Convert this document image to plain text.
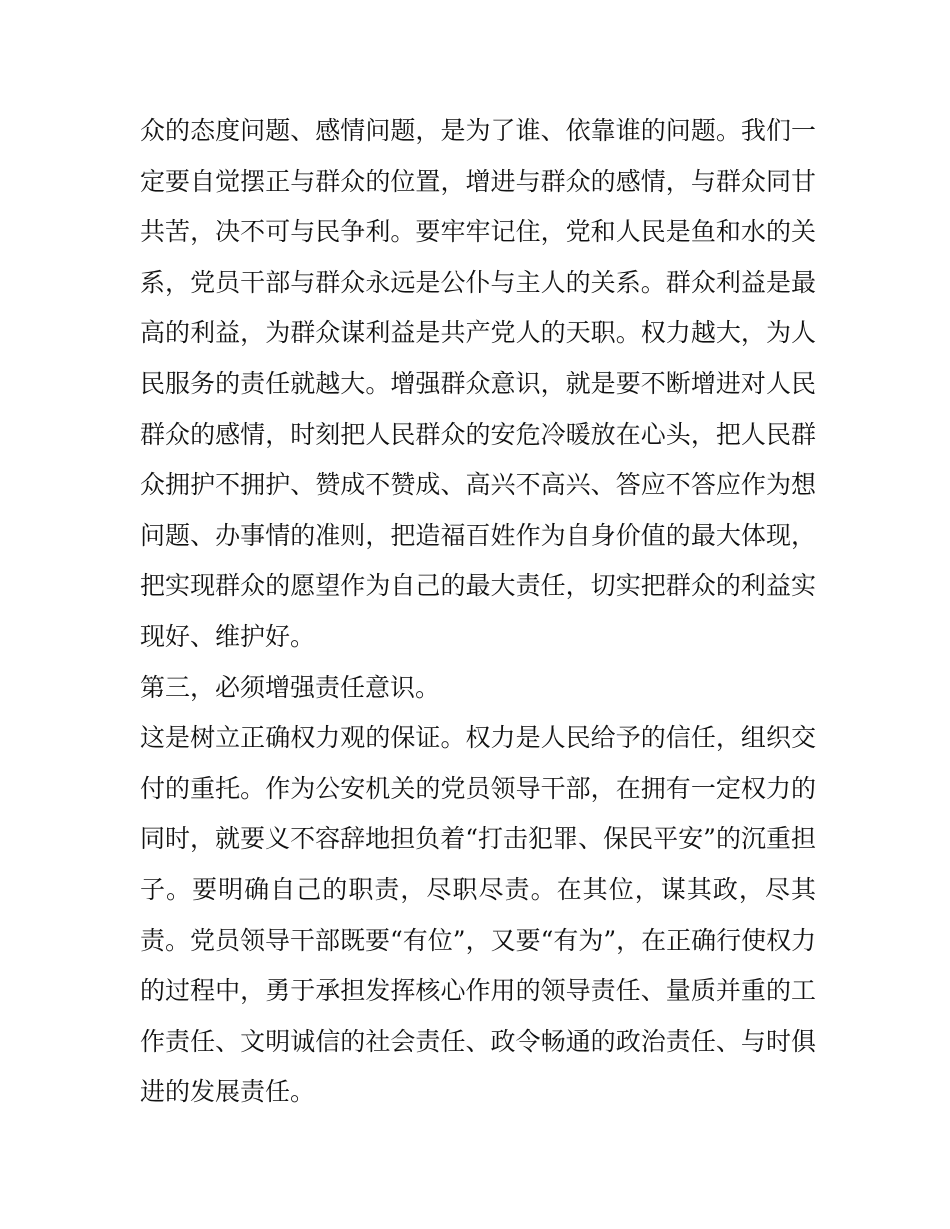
众的态度问题、感情问题，是为了谁、依靠谁的问题。我们一
定要自觉摆正与群众的位置，增进与群众的感情，与群众同甘
共苦，决不可与民争利。要牢牢记住，党和人民是鱼和水的关
系，党员干部与群众永远是公仆与主人的关系。群众利益是最
高的利益，为群众谋利益是共产党人的天职。权力越大，为人
民服务的责任就越大。增强群众意识，就是要不断增进对人民
群众的感情，时刻把人民群众的安危冷暖放在心头，把人民群
众拥护不拥护、赞成不赞成、高兴不高兴、答应不答应作为想
问题、办事情的准则，把造福百姓作为自身价值的最大体现，
把实现群众的愿望作为自己的最大责任，切实把群众的利益实
现好、维护好。
第三，必须增强责任意识。
这是树立正确权力观的保证。权力是人民给予的信任，组织交
付的重托。作为公安机关的党员领导干部，在拥有一定权力的
同时，就要义不容辞地担负着“打击犯罪、保民平安”的沉重担
子。要明确自己的职责，尽职尽责。在其位，谋其政，尽其
责。党员领导干部既要“有位”，又要“有为”，在正确行使权力
的过程中，勇于承担发挥核心作用的领导责任、量质并重的工
作责任、文明诚信的社会责任、政令畅通的政治责任、与时俱
进的发展责任。
